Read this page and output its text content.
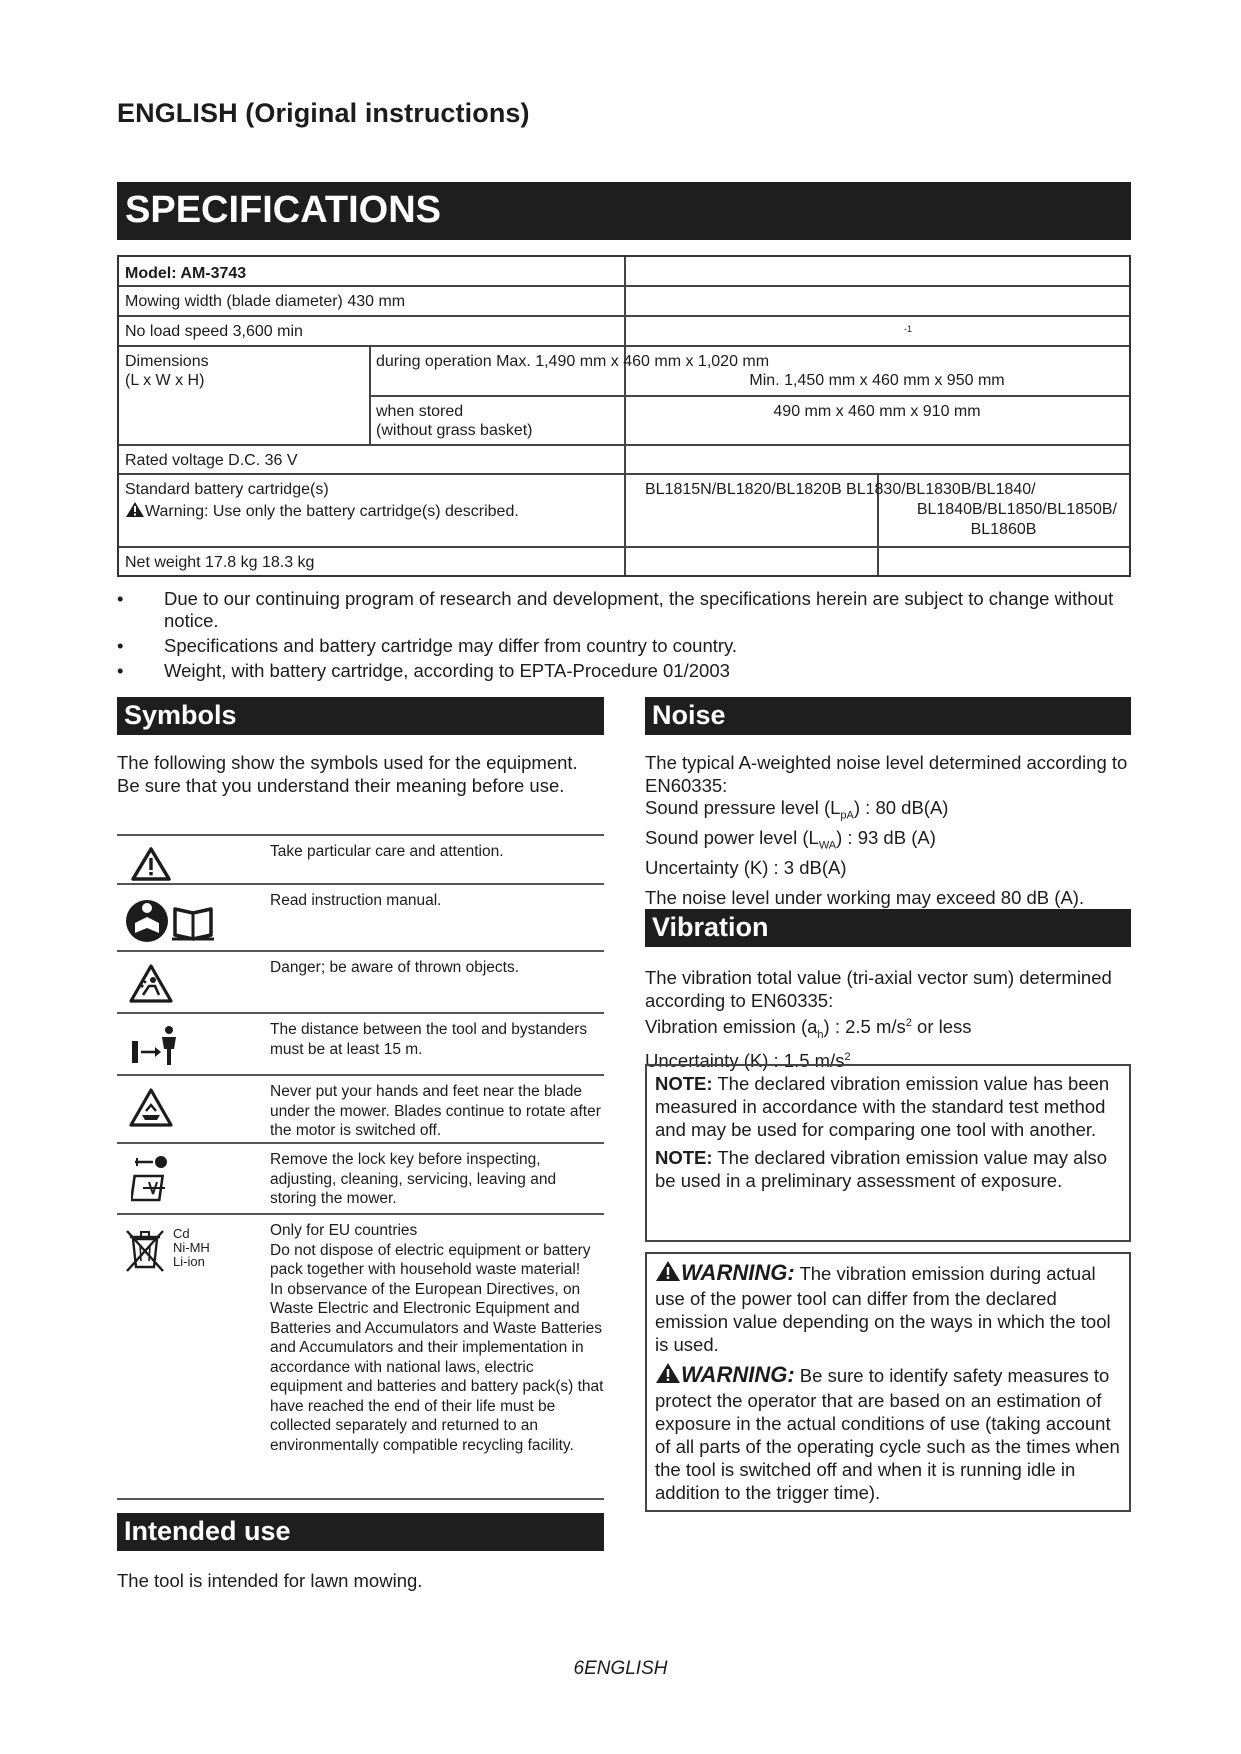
ENGLISH (Original instructions)
SPECIFICATIONS
Model: AM-3743
Mowing width (blade diameter) 430 mm
No load speed 3,600 min	-1
Dimensions
(L x W x H)
during operation Max. 1,490 mm x 460 mm x 1,020 mm
Min. 1,450 mm x 460 mm x 950 mm
when stored
(without grass basket)
490 mm x 460 mm x 910 mm
Rated voltage D.C. 36 V
Standard battery cartridge(s)
Warning: Use only the battery cartridge(s) described.
BL1815N/BL1820/BL1820B BL1830/BL1830B/BL1840/
BL1840B/BL1850/BL1850B/
BL1860B
Net weight 17.8 kg 18.3 kg
• Due to our continuing program of research and development, the specifications herein are subject to change without notice.
• Specifications and battery cartridge may differ from country to country.
• Weight, with battery cartridge, according to EPTA-Procedure 01/2003
Symbols
The following show the symbols used for the equipment. Be sure that you understand their meaning before use.
Take particular care and attention.
Read instruction manual.
Danger; be aware of thrown objects.
The distance between the tool and bystanders must be at least 15 m.
Never put your hands and feet near the blade under the mower. Blades continue to rotate after the motor is switched off.
Remove the lock key before inspecting, adjusting, cleaning, servicing, leaving and storing the mower.
Cd
Ni-MH
Li-ion
Only for EU countries
Do not dispose of electric equipment or battery pack together with household waste material!
In observance of the European Directives, on Waste Electric and Electronic Equipment and Batteries and Accumulators and Waste Batteries and Accumulators and their implementation in accordance with national laws, electric equipment and batteries and battery pack(s) that have reached the end of their life must be collected separately and returned to an environmentally compatible recycling facility.
Intended use
The tool is intended for lawn mowing.
Noise
The typical A-weighted noise level determined according to EN60335:
Sound pressure level $(L_{pA})$ : 80 dB(A)
Sound power level $(L_{WA})$ : 93 dB (A)
Uncertainty (K) : 3 dB(A)
The noise level under working may exceed 80 dB (A).
Vibration
The vibration total value (tri-axial vector sum) determined according to EN60335:
Vibration emission $(a_h)$ : 2.5 $m/s^2$ or less
Uncertainty (K) : 1.5 $m/s^2$
NOTE: The declared vibration emission value has been measured in accordance with the standard test method and may be used for comparing one tool with another.
NOTE: The declared vibration emission value may also be used in a preliminary assessment of exposure.
WARNING: The vibration emission during actual use of the power tool can differ from the declared emission value depending on the ways in which the tool is used.
WARNING: Be sure to identify safety measures to protect the operator that are based on an estimation of exposure in the actual conditions of use (taking account of all parts of the operating cycle such as the times when the tool is switched off and when it is running idle in addition to the trigger time).
6ENGLISH
